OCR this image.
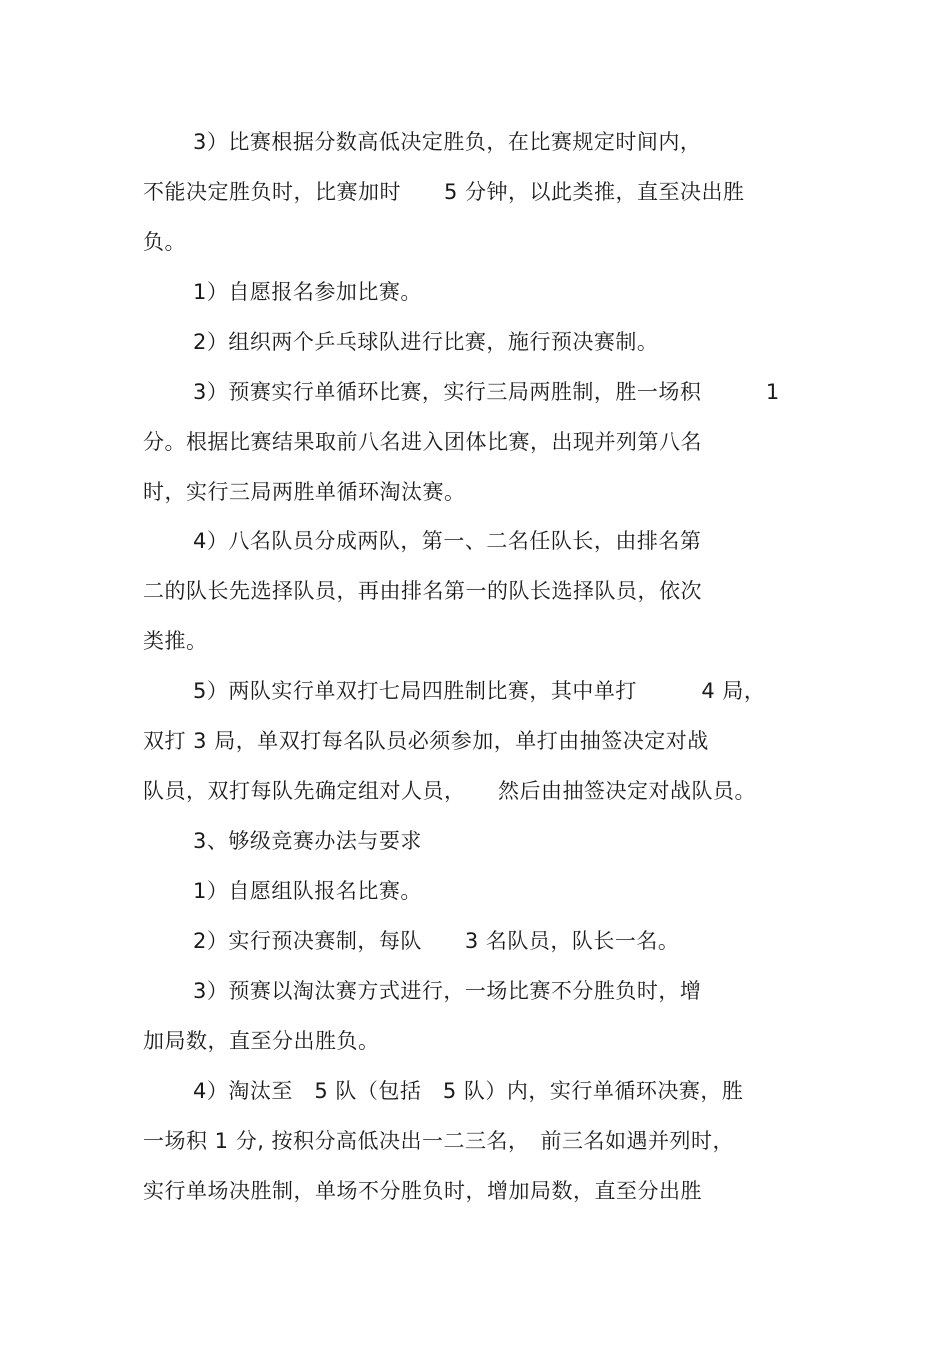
3）比赛根据分数高低决定胜负，在比赛规定时间内，
不能决定胜负时，比赛加时　　5 分钟，以此类推，直至决出胜
负。
1）自愿报名参加比赛。
2）组织两个乒乓球队进行比赛，施行预决赛制。
3）预赛实行单循环比赛，实行三局两胜制，胜一场积　　　1
分。根据比赛结果取前八名进入团体比赛，出现并列第八名
时，实行三局两胜单循环淘汰赛。
4）八名队员分成两队，第一、二名任队长，由排名第
二的队长先选择队员，再由排名第一的队长选择队员，依次
类推。
5）两队实行单双打七局四胜制比赛，其中单打　　　4 局，
双打 3 局，单双打每名队员必须参加，单打由抽签决定对战
队员，双打每队先确定组对人员，　　然后由抽签决定对战队员。
3、够级竞赛办法与要求
1）自愿组队报名比赛。
2）实行预决赛制，每队　　3 名队员，队长一名。
3）预赛以淘汰赛方式进行，一场比赛不分胜负时，增
加局数，直至分出胜负。
4）淘汰至　5 队（包括　5 队）内，实行单循环决赛，胜
一场积 1 分, 按积分高低决出一二三名，　前三名如遇并列时，
实行单场决胜制，单场不分胜负时，增加局数，直至分出胜
